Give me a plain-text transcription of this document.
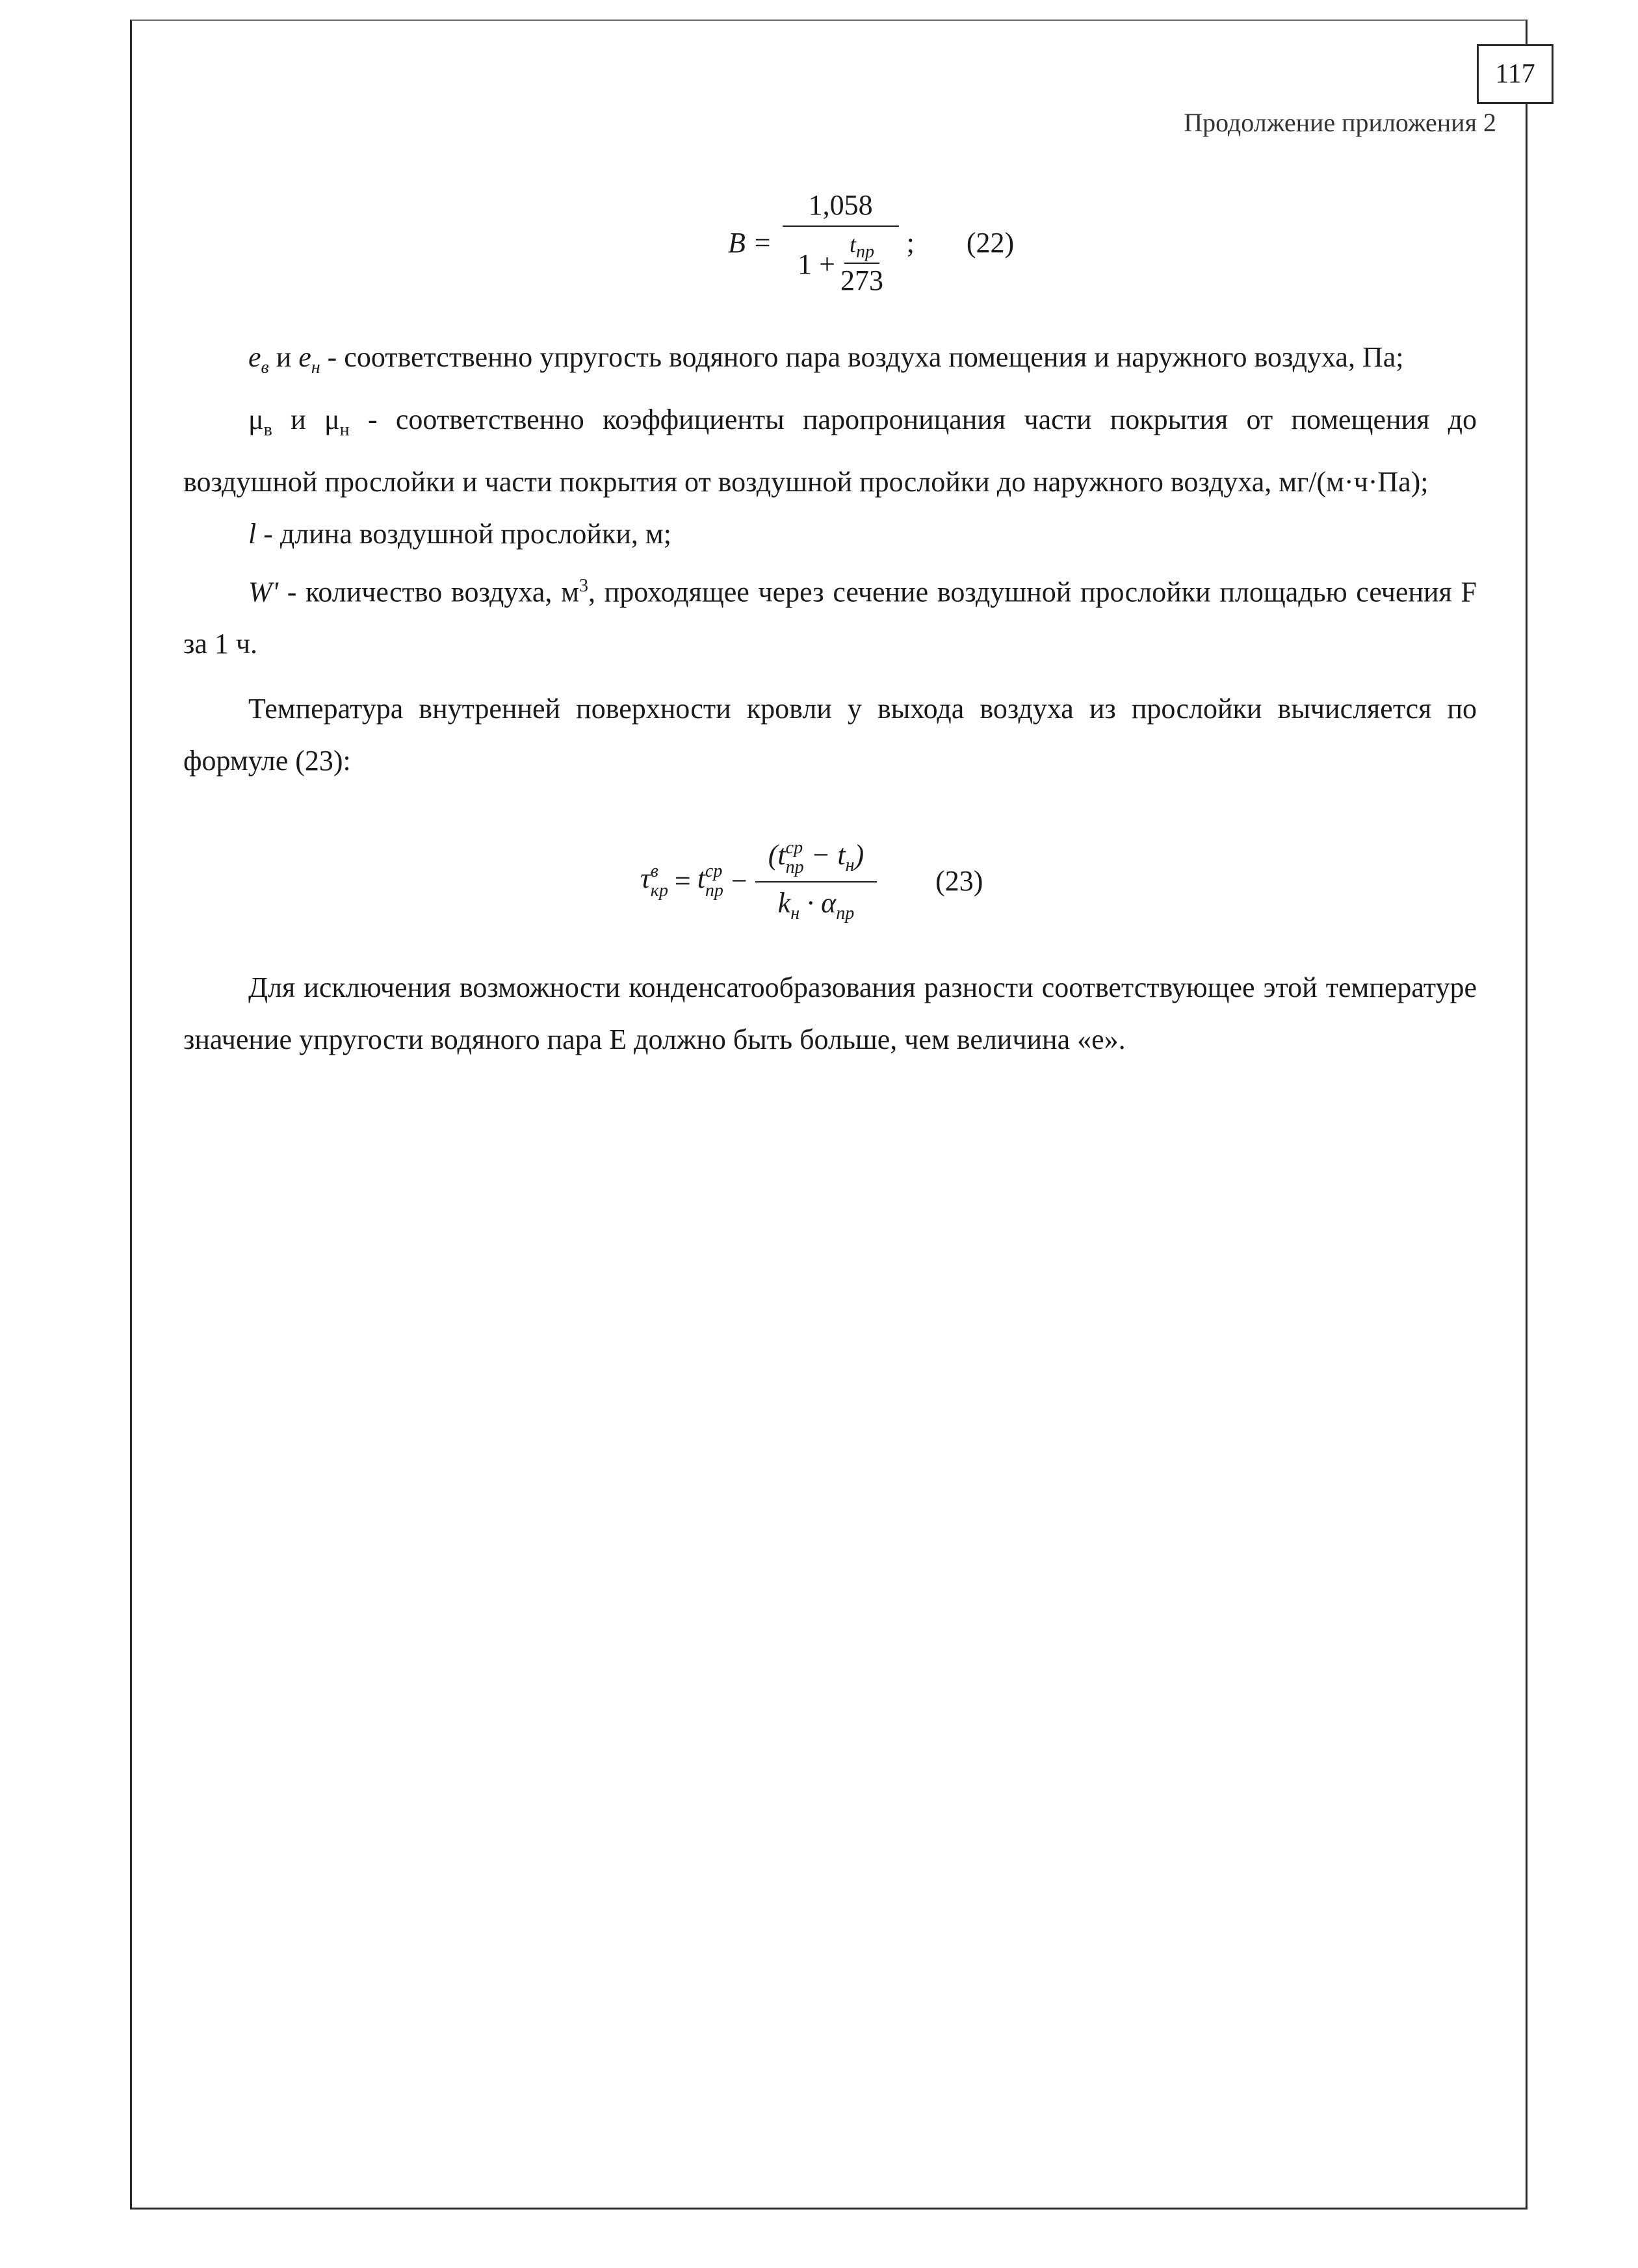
117
Продолжение приложения 2
$B = \frac{1,058}{1 + \frac{t_{пр}}{273}}$ ; (22)

$e_в$ и $e_н$ - соответственно упругость водяного пара воздуха помещения и наружного воздуха, Па;

$\mu_в$ и $\mu_н$ - соответственно коэффициенты паропроницания части покрытия от помещения до воздушной прослойки и части покрытия от воздушной прослойки до наружного воздуха, мг/(м·ч·Па);

l - длина воздушной прослойки, м;

W' - количество воздуха, $м^3$, проходящее через сечение воздушной прослойки площадью сечения F за 1 ч.

Температура внутренней поверхности кровли у выхода воздуха из прослойки вычисляется по формуле (23):

τ в
кр = t ср
пр − (t ср
пр − $t_н$)
$k_н \cdot \alpha_{пр}$ (23)

Для исключения возможности конденсатообразования разности соответствующее этой температуре значение упругости водяного пара Е должно быть больше, чем величина «е».
